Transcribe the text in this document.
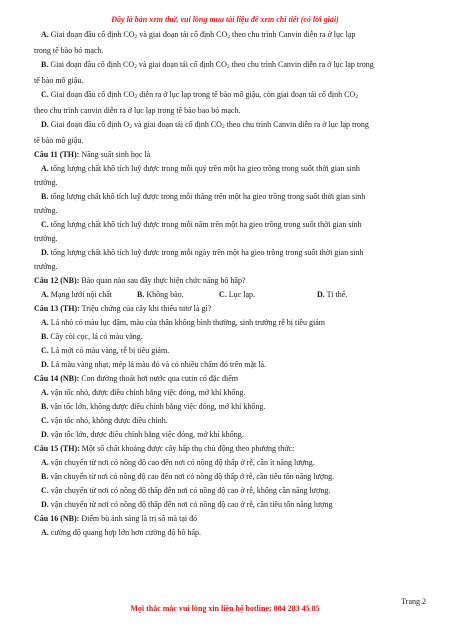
Đây là bản xem thử, vui lòng mua tài liệu để xem chi tiết (có lời giải)

A. Giai đoạn đầu cố định CO2 và giai đoạn tái cố định CO2 theo chu trình Canvin diễn ra ở lục lạp

trong tế bào bó mạch.

B. Giai đoạn đầu cố định CO2 và giai đoạn tái cố định CO2 theo chu trình Canvin diễn ra ở lục lạp trong

tế bào mô giậu.

C. Giai đoạn đầu cố định CO2 diễn ra ở lục lạp trong tế bào mô giậu, còn giai đoạn tái cố định CO2

theo chu trình canvin diễn ra ở lục lạp trong tế bào bao bó mạch.

D. Giai đoạn đầu cố định O2 và giai đoạn tái cố định CO2 theo chu trình Canvin diễn ra ở lục lạp trong

tế bào mô giậu.

Câu 11 (TH): Năng suất sinh học là

A. tổng lượng chất khô tích luỹ được trong mỗi quý trên một ha gieo trồng trong suốt thời gian sinh

trưởng.

B. tổng lượng chất khô tích luỹ được trong mỗi tháng trên một ha gieo trồng trong suốt thời gian sinh

trưởng.

C. tổng lượng chất khô tích luỹ được trong mỗi năm trên một ha gieo trồng trong suốt thời gian sinh

trưởng.

D. tổng lượng chất khô tích luỹ được trong mỗi ngày trên một ha gieo trồng trong suốt thời gian sinh

trưởng.

Câu 12 (NB): Bào quan nào sau đây thực hiện chức năng hô hấp?

A. Mạng lưới nội chất	B. Không bào.	C. Lục lạp.	D. Ti thể.

Câu 13 (TH): Triệu chứng của cây khi thiếu nitơ là gì?

A. Lá nhỏ có màu lục đậm, màu của thân không bình thường, sinh trưởng rễ bị tiêu giảm

B. Cây còi cọc, lá có màu vàng.

C. Lá mới có màu vàng, rễ bị tiêu giảm.

D. Lá màu vàng nhạt, mép lá màu đỏ và có nhiều chấm đỏ trên mặt lá.

Câu 14 (NB): Con đường thoát hơi nước qua cutin có đặc điểm

A. vận tốc nhỏ, được điều chỉnh bằng việc đóng, mở khí khổng.

B. vận tốc lớn, không được điều chỉnh bằng việc đóng, mở khí khổng.

C. vận tốc nhỏ, không được điều chỉnh.

D. vận tốc lớn, được điều chỉnh bằng việc đóng, mở khí khổng.

Câu 15 (TH): Một số chất khoáng được cây hấp thụ chủ động theo phương thức:

A. vận chuyển từ nơi có nồng độ cao đến nơi có nồng độ thấp ở rễ, cần ít năng lượng.

B. vận chuyển từ nơi có nồng độ cao đến nơi có nồng độ thấp ở rễ, cần tiêu tốn năng lượng.

C. vận chuyển từ nơi có nồng độ thấp đến nơi có nồng độ cao ở rễ, không cần năng lượng.

D. vận chuyển từ nơi có nồng độ thấp đến nơi có nồng độ cao ở rễ, cần tiêu tốn năng lượng

Câu 16 (NB): Điểm bù ánh sáng là trị số mà tại đó

A. cường độ quang hợp lớn hơn cường độ hô hấp.

Trang 2
Mọi thắc mắc vui lòng xin liên hệ hotline: 084 283 45 85
